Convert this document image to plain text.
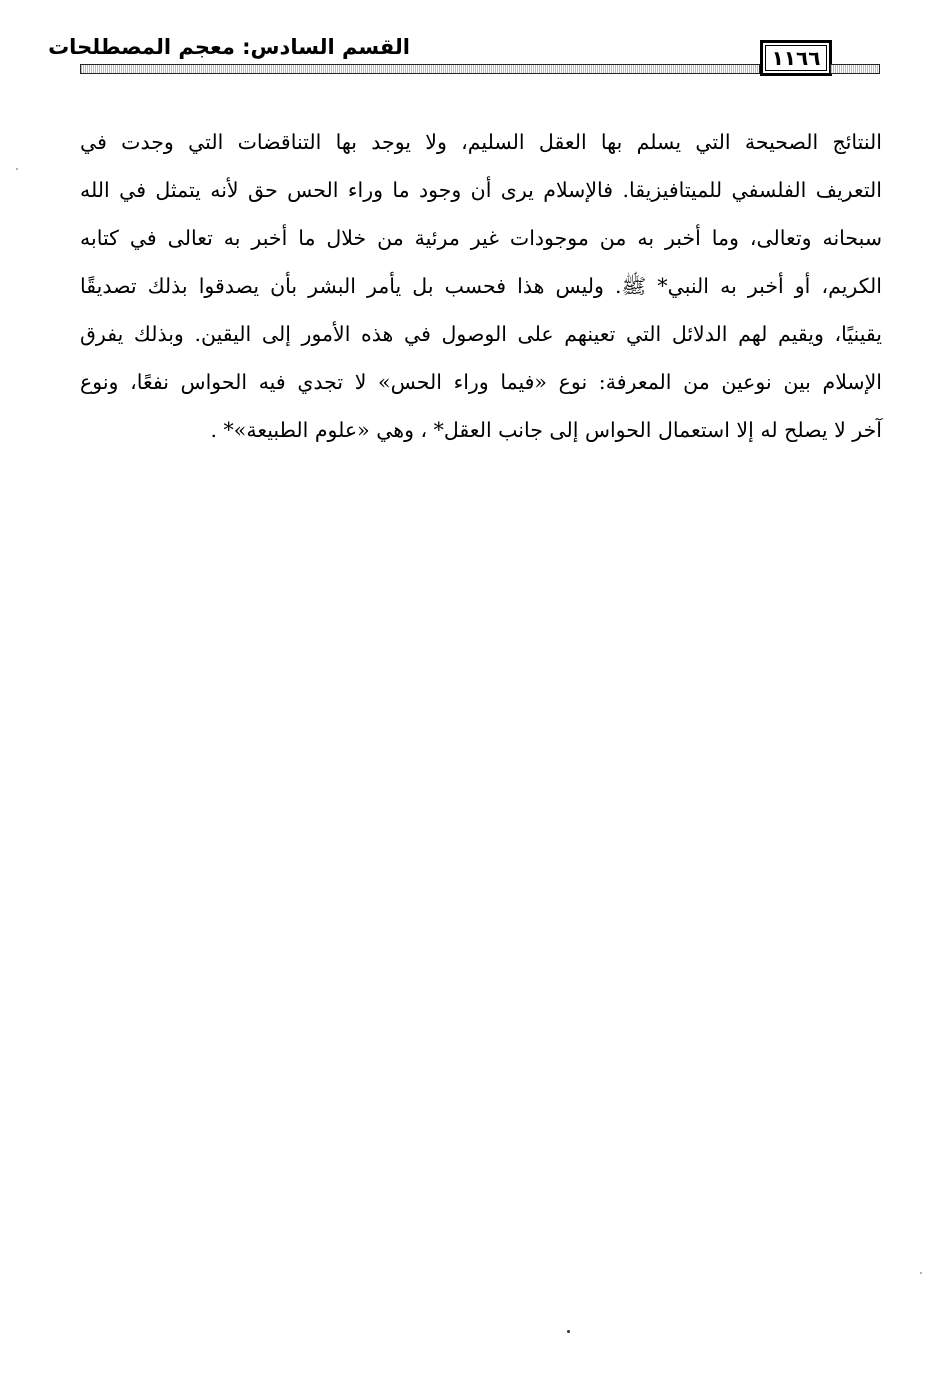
القسم السادس: معجم المصطلحات	١١٦٦
النتائج الصحيحة التي يسلم بها العقل السليم، ولا يوجد بها التناقضات التي وجدت في
التعريف الفلسفي للميتافيزيقا. فالإسلام يرى أن وجود ما وراء الحس حق لأنه يتمثل في الله
سبحانه وتعالى، وما أخبر به من موجودات غير مرئية من خلال ما أخبر به تعالى في كتابه
الكريم، أو أخبر به النبي* ﷺ. وليس هذا فحسب بل يأمر البشر بأن يصدقوا بذلك تصديقًا
يقينيًا، ويقيم لهم الدلائل التي تعينهم على الوصول في هذه الأمور إلى اليقين. وبذلك يفرق
الإسلام بين نوعين من المعرفة: نوع «فيما وراء الحس» لا تجدي فيه الحواس نفعًا، ونوع
آخر لا يصلح له إلا استعمال الحواس إلى جانب العقل* ، وهي «علوم الطبيعة»* .
